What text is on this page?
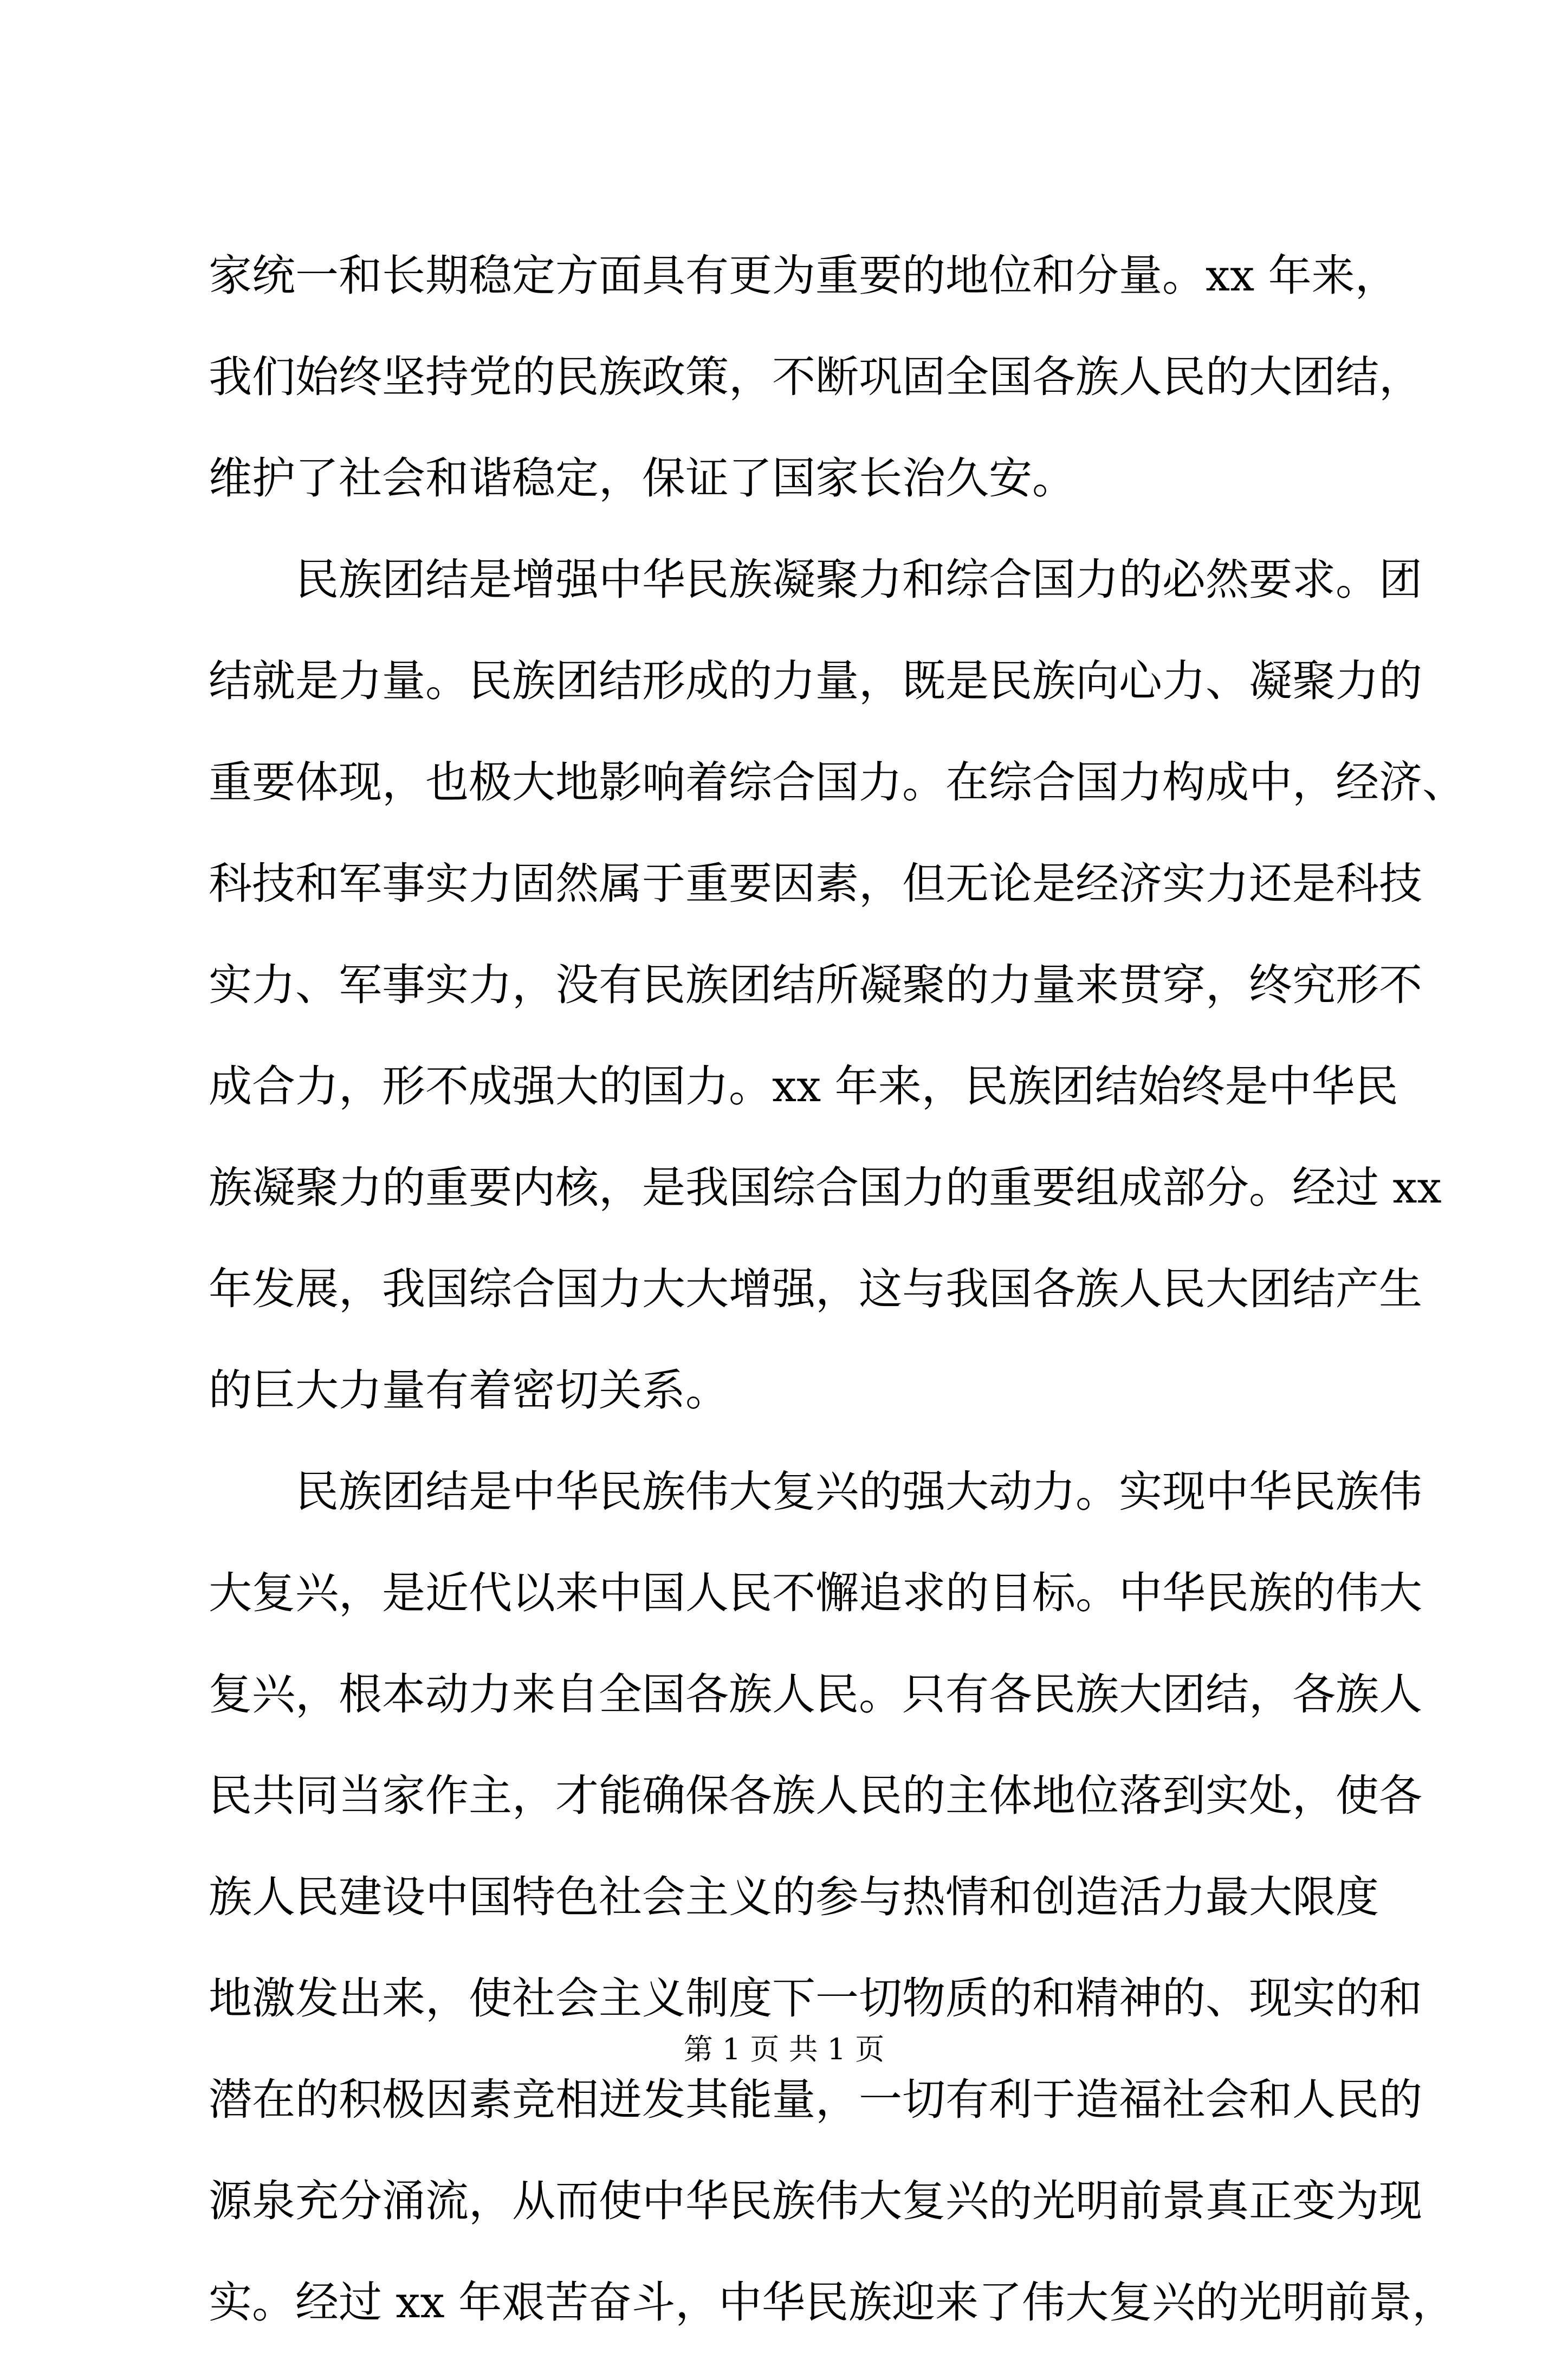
家统一和长期稳定方面具有更为重要的地位和分量。xx 年来，
我们始终坚持党的民族政策，不断巩固全国各族人民的大团结，
维护了社会和谐稳定，保证了国家长治久安。
民族团结是增强中华民族凝聚力和综合国力的必然要求。团
结就是力量。民族团结形成的力量，既是民族向心力、凝聚力的
重要体现，也极大地影响着综合国力。在综合国力构成中，经济、
科技和军事实力固然属于重要因素，但无论是经济实力还是科技
实力、军事实力，没有民族团结所凝聚的力量来贯穿，终究形不
成合力，形不成强大的国力。xx 年来，民族团结始终是中华民
族凝聚力的重要内核，是我国综合国力的重要组成部分。经过 xx
年发展，我国综合国力大大增强，这与我国各族人民大团结产生
的巨大力量有着密切关系。
民族团结是中华民族伟大复兴的强大动力。实现中华民族伟
大复兴，是近代以来中国人民不懈追求的目标。中华民族的伟大
复兴，根本动力来自全国各族人民。只有各民族大团结，各族人
民共同当家作主，才能确保各族人民的主体地位落到实处，使各
族人民建设中国特色社会主义的参与热情和创造活力最大限度
地激发出来，使社会主义制度下一切物质的和精神的、现实的和
潜在的积极因素竞相迸发其能量，一切有利于造福社会和人民的
源泉充分涌流，从而使中华民族伟大复兴的光明前景真正变为现
实。经过 xx 年艰苦奋斗，中华民族迎来了伟大复兴的光明前景，
第 1 页 共 1 页
